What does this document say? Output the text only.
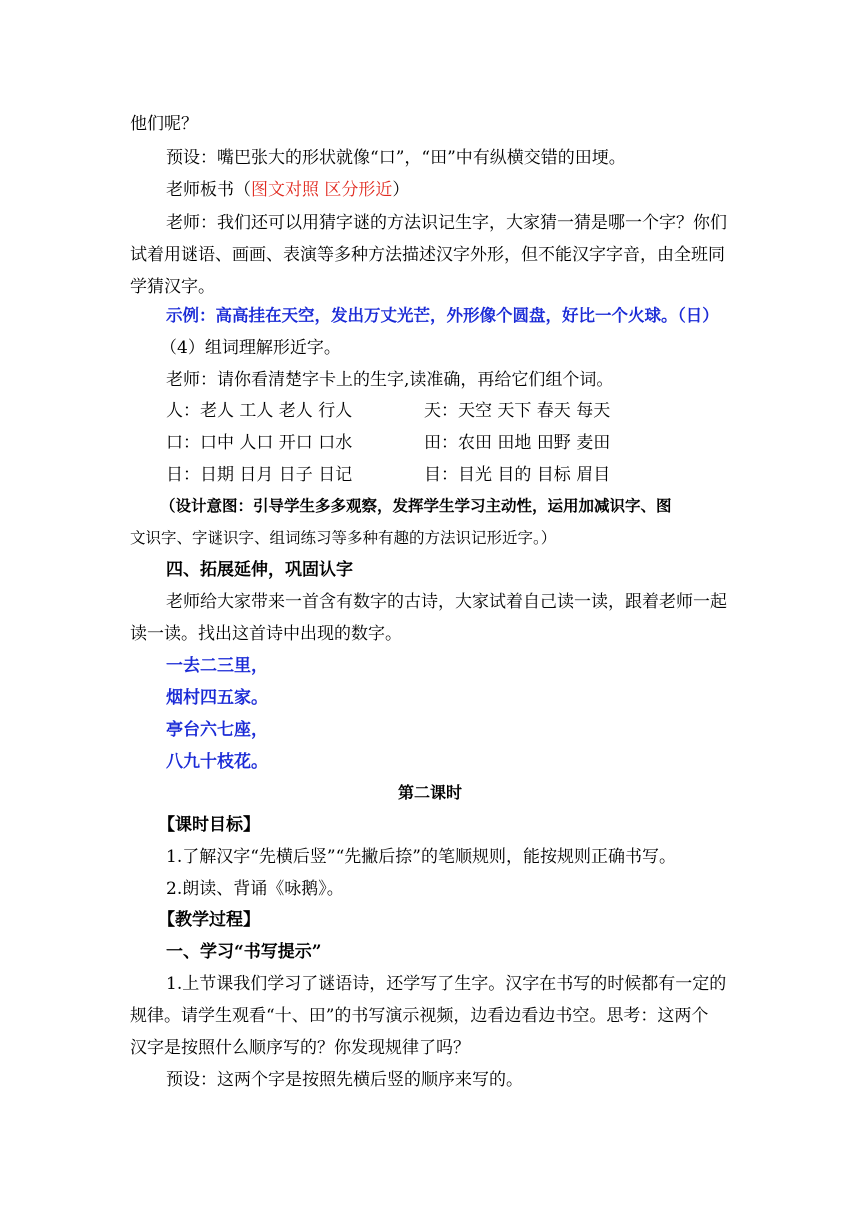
他们呢？
预设：嘴巴张大的形状就像“口”，“田”中有纵横交错的田埂。
老师板书（图文对照 区分形近）
老师：我们还可以用猜字谜的方法识记生字，大家猜一猜是哪一个字？你们
试着用谜语、画画、表演等多种方法描述汉字外形，但不能汉字字音，由全班同
学猜汉字。
示例：高高挂在天空，发出万丈光芒，外形像个圆盘，好比一个火球。（日）
（4）组词理解形近字。
老师：请你看清楚字卡上的生字,读准确，再给它们组个词。
人：老人 工人 老人 行人	天：天空 天下 春天 每天
口：口中 人口 开口 口水	田：农田 田地 田野 麦田
日：日期 日月 日子 日记	目：目光 目的 目标 眉目
（设计意图：引导学生多多观察，发挥学生学习主动性，运用加减识字、图
文识字、字谜识字、组词练习等多种有趣的方法识记形近字。）
四、拓展延伸，巩固认字
老师给大家带来一首含有数字的古诗，大家试着自己读一读，跟着老师一起
读一读。找出这首诗中出现的数字。
一去二三里，
烟村四五家。
亭台六七座，
八九十枝花。
第二课时
【课时目标】
1.了解汉字“先横后竖”“先撇后捺”的笔顺规则，能按规则正确书写。
2.朗读、背诵《咏鹅》。
【教学过程】
一、学习“书写提示”
1.上节课我们学习了谜语诗，还学写了生字。汉字在书写的时候都有一定的
规律。请学生观看“十、田”的书写演示视频，边看边看边书空。思考：这两个
汉字是按照什么顺序写的？你发现规律了吗？
预设：这两个字是按照先横后竖的顺序来写的。
